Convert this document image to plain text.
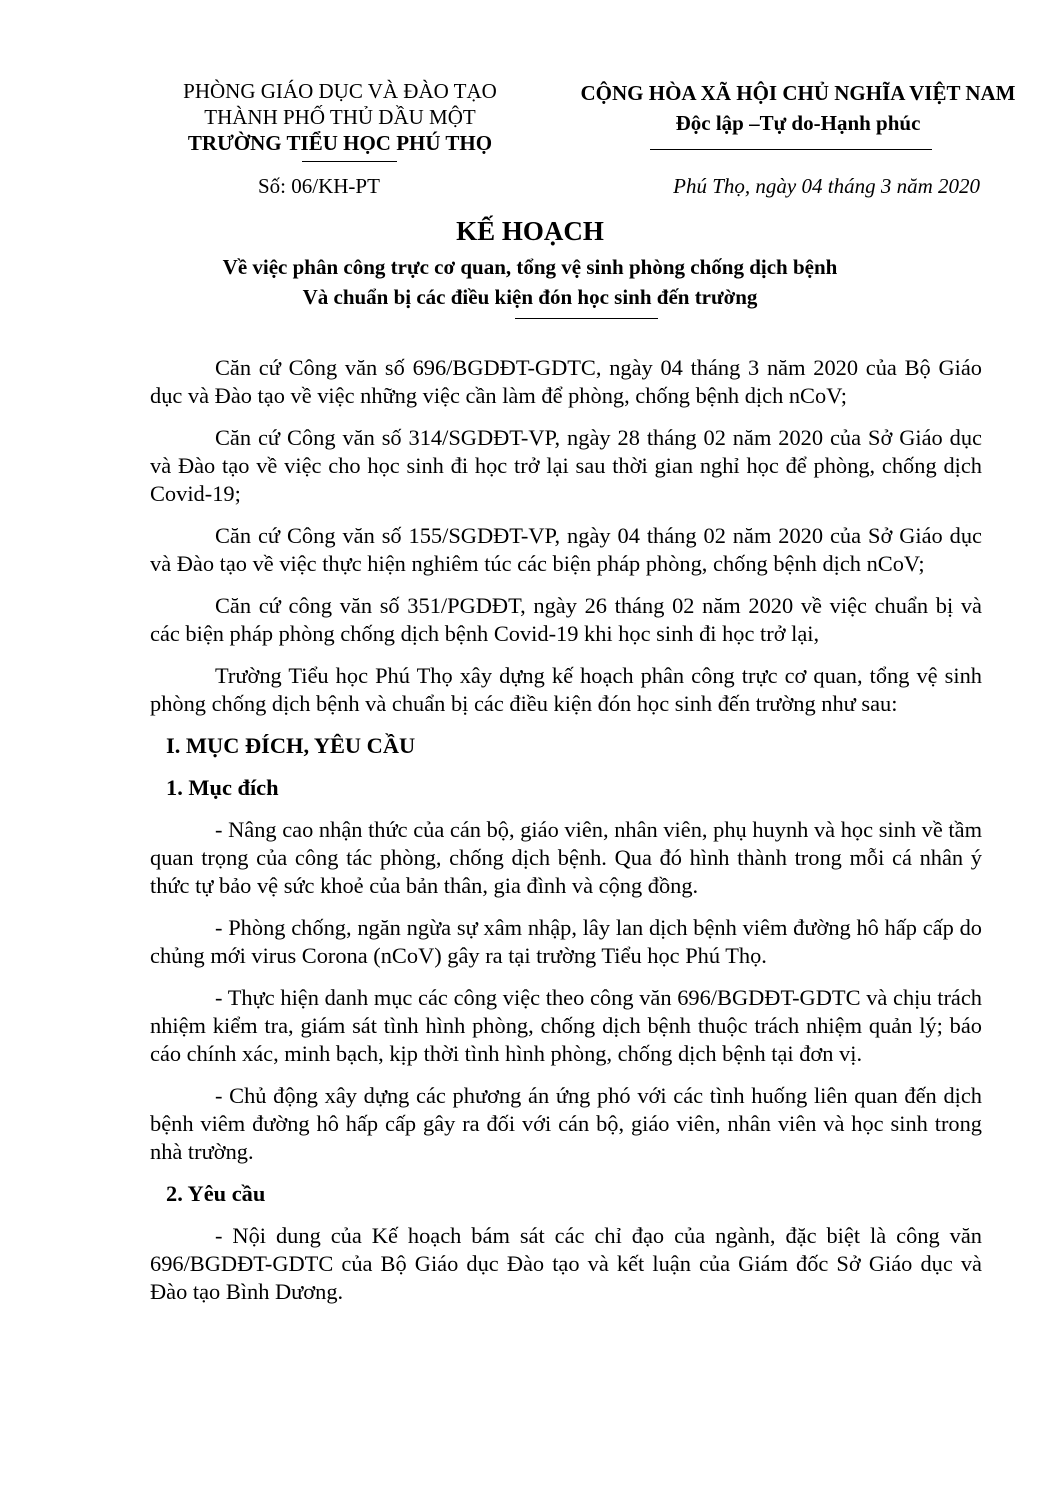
PHÒNG GIÁO DỤC VÀ ĐÀO TẠO
THÀNH PHỐ THỦ DẦU MỘT
TRƯỜNG TIỂU HỌC PHÚ THỌ
CỘNG HÒA XÃ HỘI CHỦ NGHĨA VIỆT NAM
Độc lập –Tự do-Hạnh phúc
Số: 06/KH-PT	Phú Thọ, ngày 04 tháng 3 năm 2020
KẾ HOẠCH
Về việc phân công trực cơ quan, tổng vệ sinh phòng chống dịch bệnh
Và chuẩn bị các điều kiện đón học sinh đến trường

Căn cứ Công văn số 696/BGDĐT-GDTC, ngày 04 tháng 3 năm 2020 của Bộ Giáo dục và Đào tạo về việc những việc cần làm để phòng, chống bệnh dịch nCoV;

Căn cứ Công văn số 314/SGDĐT-VP, ngày 28 tháng 02 năm 2020 của Sở Giáo dục và Đào tạo về việc cho học sinh đi học trở lại sau thời gian nghỉ học để phòng, chống dịch Covid-19;

Căn cứ Công văn số 155/SGDĐT-VP, ngày 04 tháng 02 năm 2020 của Sở Giáo dục và Đào tạo về việc thực hiện nghiêm túc các biện pháp phòng, chống bệnh dịch nCoV;

Căn cứ công văn số 351/PGDĐT, ngày 26 tháng 02 năm 2020 về việc chuẩn bị và các biện pháp phòng chống dịch bệnh Covid-19 khi học sinh đi học trở lại,

Trường Tiểu học Phú Thọ xây dựng kế hoạch phân công trực cơ quan, tổng vệ sinh phòng chống dịch bệnh và chuẩn bị các điều kiện đón học sinh đến trường như sau:

I. MỤC ĐÍCH, YÊU CẦU
1. Mục đích

- Nâng cao nhận thức của cán bộ, giáo viên, nhân viên, phụ huynh và học sinh về tầm quan trọng của công tác phòng, chống dịch bệnh. Qua đó hình thành trong mỗi cá nhân ý thức tự bảo vệ sức khoẻ của bản thân, gia đình và cộng đồng.

- Phòng chống, ngăn ngừa sự xâm nhập, lây lan dịch bệnh viêm đường hô hấp cấp do chủng mới virus Corona (nCoV) gây ra tại trường Tiểu học Phú Thọ.

- Thực hiện danh mục các công việc theo công văn 696/BGDĐT-GDTC và chịu trách nhiệm kiểm tra, giám sát tình hình phòng, chống dịch bệnh thuộc trách nhiệm quản lý; báo cáo chính xác, minh bạch, kịp thời tình hình phòng, chống dịch bệnh tại đơn vị.

- Chủ động xây dựng các phương án ứng phó với các tình huống liên quan đến dịch bệnh viêm đường hô hấp cấp gây ra đối với cán bộ, giáo viên, nhân viên và học sinh trong nhà trường.

2. Yêu cầu

- Nội dung của Kế hoạch bám sát các chỉ đạo của ngành, đặc biệt là công văn 696/BGDĐT-GDTC của Bộ Giáo dục Đào tạo và kết luận của Giám đốc Sở Giáo dục và Đào tạo Bình Dương.
